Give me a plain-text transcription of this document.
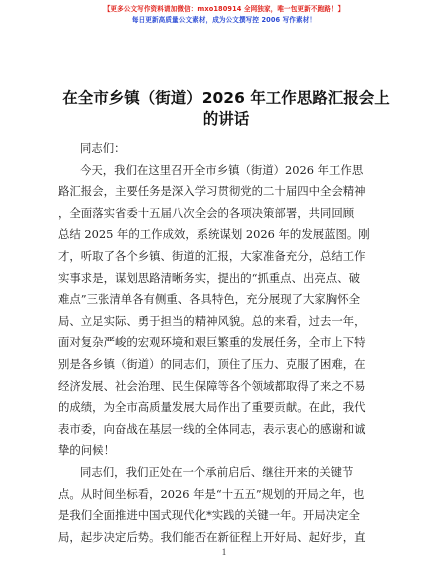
【更多公文写作资料请加微信：mxo180914 全网独家，唯一包更新不跑路！】
每日更新高质量公文素材，成为公文撰写控 2006 写作素材！
在全市乡镇（街道）2026 年工作思路汇报会上
的讲话
同志们：
今天，我们在这里召开全市乡镇（街道）2026 年工作思
路汇报会，主要任务是深入学习贯彻党的二十届四中全会精神
，全面落实省委十五届八次全会的各项决策部署，共同回顾
总结 2025 年的工作成效，系统谋划 2026 年的发展蓝图。刚
才，听取了各个乡镇、街道的汇报，大家准备充分，总结工作
实事求是，谋划思路清晰务实，提出的“抓重点、出亮点、破
难点”三张清单各有侧重、各具特色，充分展现了大家胸怀全
局、立足实际、勇于担当的精神风貌。总的来看，过去一年，
面对复杂严峻的宏观环境和艰巨繁重的发展任务，全市上下特
别是各乡镇（街道）的同志们，顶住了压力、克服了困难，在
经济发展、社会治理、民生保障等各个领域都取得了来之不易
的成绩，为全市高质量发展大局作出了重要贡献。在此，我代
表市委，向奋战在基层一线的全体同志，表示衷心的感谢和诚
挚的问候！
同志们，我们正处在一个承前启后、继往开来的关键节
点。从时间坐标看，2026 年是“十五五”规划的开局之年，也
是我们全面推进中国式现代化*实践的关键一年。开局决定全
局，起步决定后势。我们能否在新征程上开好局、起好步，直
1
